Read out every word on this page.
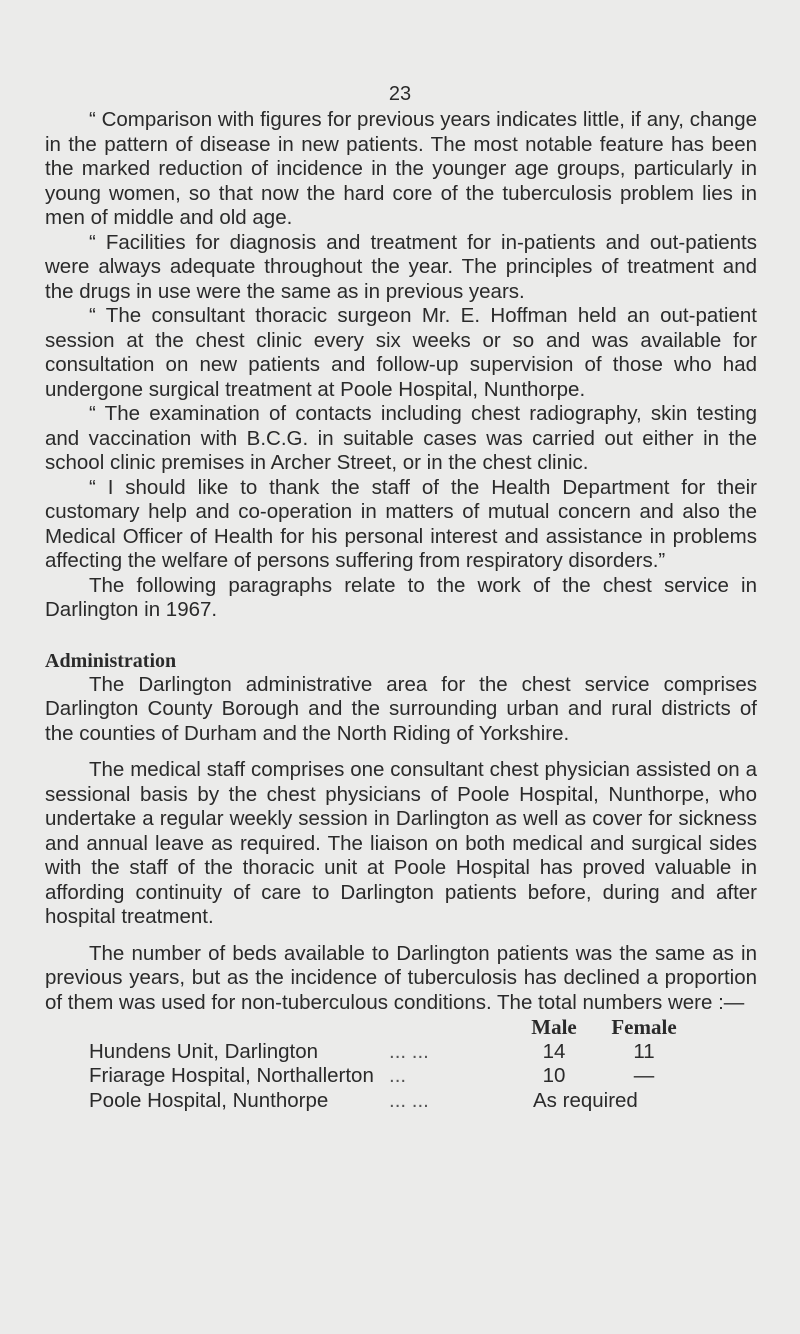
23

“ Comparison with figures for previous years indicates little, if any, change in the pattern of disease in new patients. The most notable feature has been the marked reduction of incidence in the younger age groups, particularly in young women, so that now the hard core of the tuberculosis problem lies in men of middle and old age.

“ Facilities for diagnosis and treatment for in-patients and out-patients were always adequate throughout the year. The principles of treatment and the drugs in use were the same as in previous years.

“ The consultant thoracic surgeon Mr. E. Hoffman held an out-patient session at the chest clinic every six weeks or so and was available for consultation on new patients and follow-up supervision of those who had undergone surgical treatment at Poole Hospital, Nunthorpe.

“ The examination of contacts including chest radiography, skin testing and vaccination with B.C.G. in suitable cases was carried out either in the school clinic premises in Archer Street, or in the chest clinic.

“ I should like to thank the staff of the Health Department for their customary help and co-operation in matters of mutual concern and also the Medical Officer of Health for his personal interest and assistance in problems affecting the welfare of persons suffering from respiratory disorders.”

The following paragraphs relate to the work of the chest service in Darlington in 1967.

Administration

The Darlington administrative area for the chest service comprises Darlington County Borough and the surrounding urban and rural districts of the counties of Durham and the North Riding of Yorkshire.

The medical staff comprises one consultant chest physician assisted on a sessional basis by the chest physicians of Poole Hospital, Nunthorpe, who undertake a regular weekly session in Darlington as well as cover for sickness and annual leave as required. The liaison on both medical and surgical sides with the staff of the thoracic unit at Poole Hospital has proved valuable in affording continuity of care to Darlington patients before, during and after hospital treatment.

The number of beds available to Darlington patients was the same as in previous years, but as the incidence of tuberculosis has declined a proportion of them was used for non-tuberculous conditions. The total numbers were :—

		Male	Female
Hundens Unit, Darlington	... ...	14	11
Friarage Hospital, Northallerton	...	10	—
Poole Hospital, Nunthorpe	... ...	As required	
